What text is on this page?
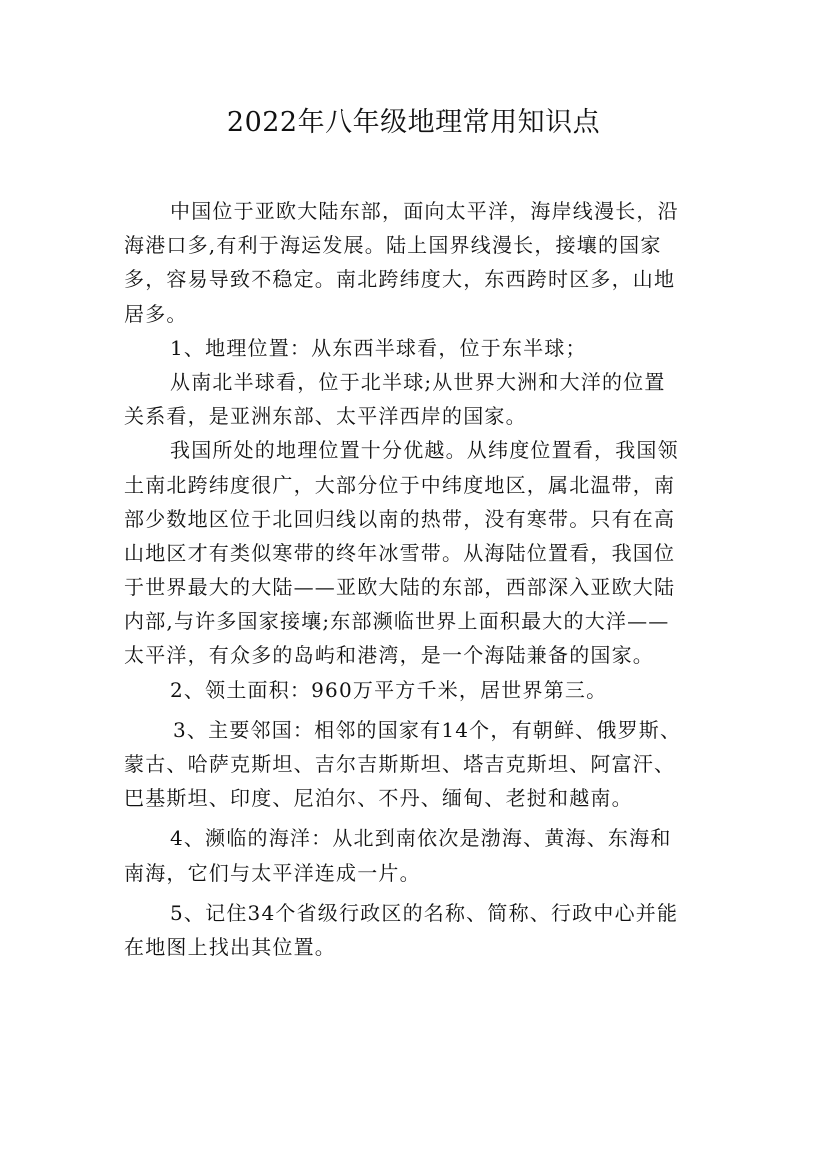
2022年八年级地理常用知识点
中国位于亚欧大陆东部，面向太平洋，海岸线漫长，沿
海港口多,有利于海运发展。陆上国界线漫长，接壤的国家
多，容易导致不稳定。南北跨纬度大，东西跨时区多，山地
居多。
1、地理位置：从东西半球看，位于东半球；
从南北半球看，位于北半球;从世界大洲和大洋的位置
关系看，是亚洲东部、太平洋西岸的国家。
我国所处的地理位置十分优越。从纬度位置看，我国领
土南北跨纬度很广，大部分位于中纬度地区，属北温带，南
部少数地区位于北回归线以南的热带，没有寒带。只有在高
山地区才有类似寒带的终年冰雪带。从海陆位置看，我国位
于世界最大的大陆——亚欧大陆的东部，西部深入亚欧大陆
内部,与许多国家接壤;东部濒临世界上面积最大的大洋——
太平洋，有众多的岛屿和港湾，是一个海陆兼备的国家。
2、领土面积：960万平方千米，居世界第三。
3、主要邻国：相邻的国家有14个，有朝鲜、俄罗斯、
蒙古、哈萨克斯坦、吉尔吉斯斯坦、塔吉克斯坦、阿富汗、
巴基斯坦、印度、尼泊尔、不丹、缅甸、老挝和越南。
4、濒临的海洋：从北到南依次是渤海、黄海、东海和
南海，它们与太平洋连成一片。
5、记住34个省级行政区的名称、简称、行政中心并能
在地图上找出其位置。
